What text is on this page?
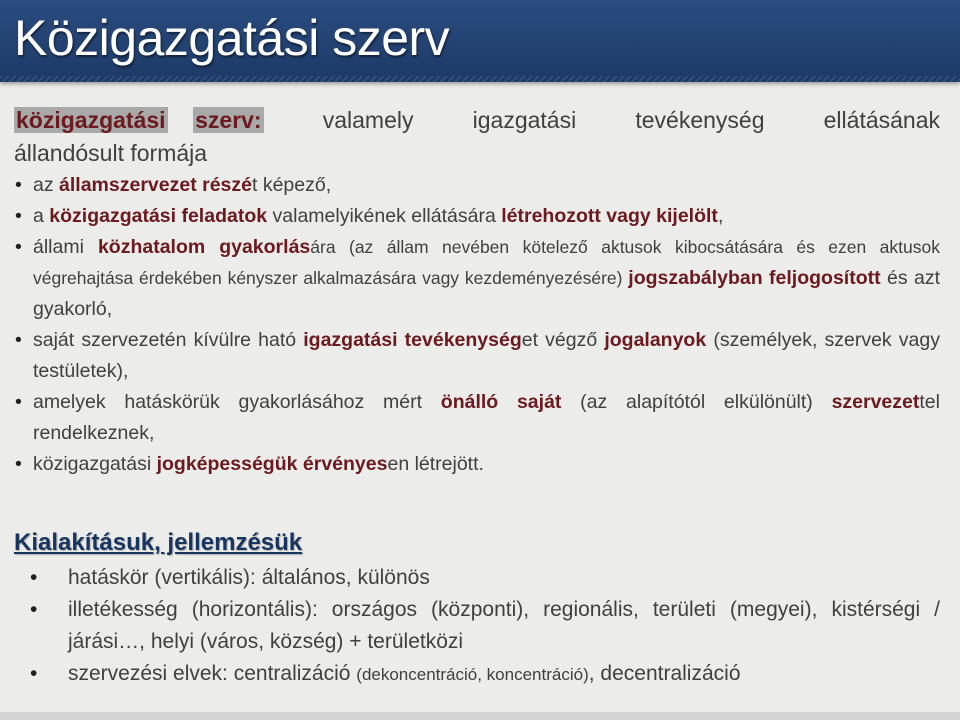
Közigazgatási szerv
közigazgatási szerv:	valamely	igazgatási	tevékenység	ellátásának
állandósult formája
• az államszervezet részét képező,
• a közigazgatási feladatok valamelyikének ellátására létrehozott vagy kijelölt,
• állami közhatalom gyakorlására (az állam nevében kötelező aktusok kibocsátására és ezen aktusok végrehajtása érdekében kényszer alkalmazására vagy kezdeményezésére) jogszabályban feljogosított és azt gyakorló,
• saját szervezetén kívülre ható igazgatási tevékenységet végző jogalanyok (személyek, szervek vagy testületek),
• amelyek hatáskörük gyakorlásához mért önálló saját (az alapítótól elkülönült) szervezettel rendelkeznek,
• közigazgatási jogképességük érvényesen létrejött.
Kialakításuk, jellemzésük
• hatáskör (vertikális): általános, különös
• illetékesség (horizontális): országos (központi), regionális, területi (megyei), kistérségi / járási…, helyi (város, község) + területközi
• szervezési elvek: centralizáció (dekoncentráció, koncentráció), decentralizáció
